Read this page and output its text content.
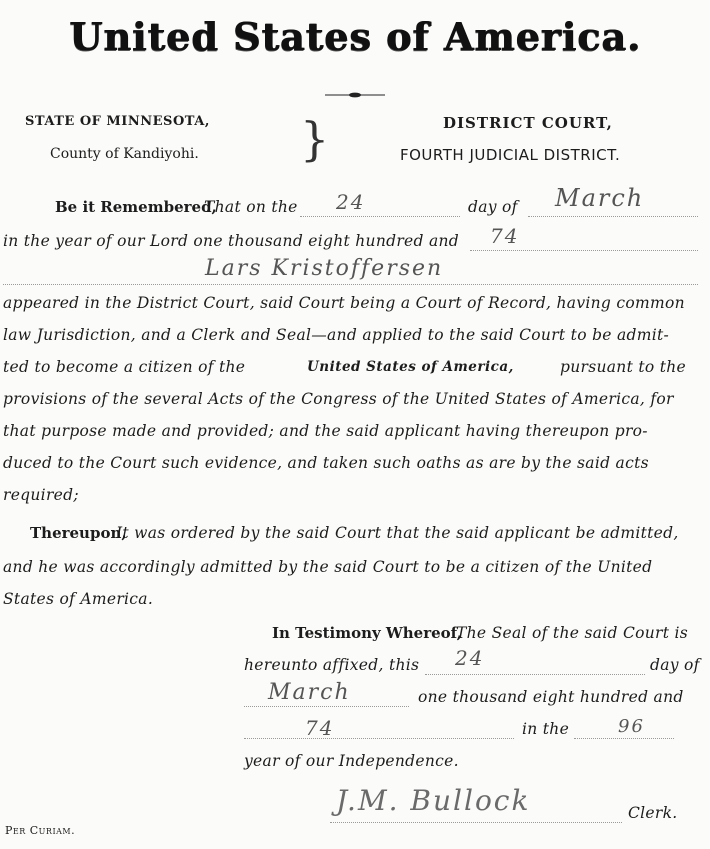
United States of America.
STATE OF MINNESOTA,
County of Kandiyohi. }	DISTRICT COURT,
FOURTH JUDICIAL DISTRICT.
Be it Remembered,
That on the 24	day of March
in the year of our Lord one thousand eight hundred and 74
Lars Kristoffersen
appeared in the District Court, said Court being a Court of Record, having common
law Jurisdiction, and a Clerk and Seal—and applied to the said Court to be admit-
ted to become a citizen of the	United States of America,	pursuant to the
provisions of the several Acts of the Congress of the United States of America, for
that purpose made and provided; and the said applicant having thereupon pro-
duced to the Court such evidence, and taken such oaths as are by the said acts
required;
Thereupon,
It was ordered by the said Court that the said applicant be admitted,
and he was accordingly admitted by the said Court to be a citizen of the United
States of America.
In Testimony Whereof,
The Seal of the said Court is
hereunto affixed, this 24	day of
March	one thousand eight hundred and
74	in the	96
year of our Independence.
J.M. Bullock	Clerk.
Per Curiam.
